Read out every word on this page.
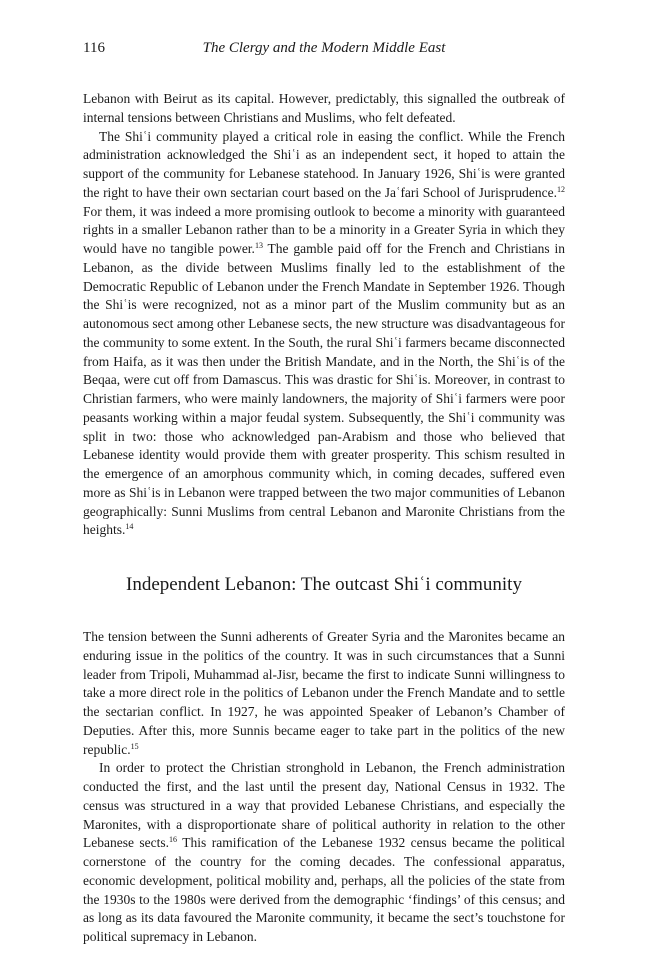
116	The Clergy and the Modern Middle East

Lebanon with Beirut as its capital. However, predictably, this signalled the outbreak of internal tensions between Christians and Muslims, who felt defeated.

The Shiʿi community played a critical role in easing the conflict. While the French administration acknowledged the Shiʿi as an independent sect, it hoped to attain the support of the community for Lebanese statehood. In January 1926, Shiʿis were granted the right to have their own sectarian court based on the Jaʿfari School of Jurisprudence.$^{12}$ For them, it was indeed a more promising outlook to become a minority with guaranteed rights in a smaller Lebanon rather than to be a minority in a Greater Syria in which they would have no tangible power.$^{13}$ The gamble paid off for the French and Christians in Lebanon, as the divide between Muslims finally led to the establishment of the Democratic Republic of Lebanon under the French Mandate in September 1926. Though the Shiʿis were recognized, not as a minor part of the Muslim community but as an autonomous sect among other Lebanese sects, the new structure was disadvantageous for the community to some extent. In the South, the rural Shiʿi farmers became disconnected from Haifa, as it was then under the British Mandate, and in the North, the Shiʿis of the Beqaa, were cut off from Damascus. This was drastic for Shiʿis. Moreover, in contrast to Christian farmers, who were mainly landowners, the majority of Shiʿi farmers were poor peasants working within a major feudal system. Subsequently, the Shiʿi community was split in two: those who acknowledged pan-Arabism and those who believed that Lebanese identity would provide them with greater prosperity. This schism resulted in the emergence of an amorphous community which, in coming decades, suffered even more as Shiʿis in Lebanon were trapped between the two major communities of Lebanon geographically: Sunni Muslims from central Lebanon and Maronite Christians from the heights.$^{14}$

Independent Lebanon: The outcast Shiʿi community

The tension between the Sunni adherents of Greater Syria and the Maronites became an enduring issue in the politics of the country. It was in such circumstances that a Sunni leader from Tripoli, Muhammad al-Jisr, became the first to indicate Sunni willingness to take a more direct role in the politics of Lebanon under the French Mandate and to settle the sectarian conflict. In 1927, he was appointed Speaker of Lebanon’s Chamber of Deputies. After this, more Sunnis became eager to take part in the politics of the new republic.$^{15}$

In order to protect the Christian stronghold in Lebanon, the French administration conducted the first, and the last until the present day, National Census in 1932. The census was structured in a way that provided Lebanese Christians, and especially the Maronites, with a disproportionate share of political authority in relation to the other Lebanese sects.$^{16}$ This ramification of the Lebanese 1932 census became the political cornerstone of the country for the coming decades. The confessional apparatus, economic development, political mobility and, perhaps, all the policies of the state from the 1930s to the 1980s were derived from the demographic ‘findings’ of this census; and as long as its data favoured the Maronite community, it became the sect’s touchstone for political supremacy in Lebanon.
